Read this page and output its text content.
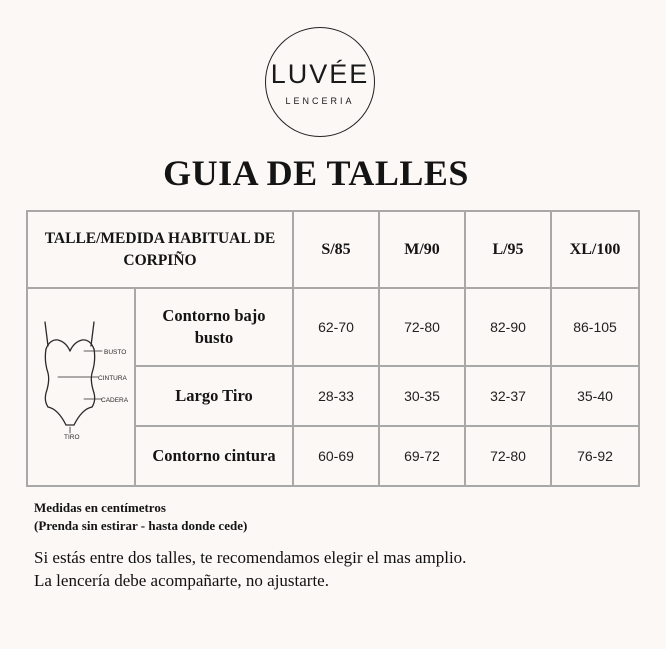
LUVÉE
LENCERIA
GUIA DE TALLES
TALLE/MEDIDA HABITUAL DE CORPIÑO		S/85	M/90	L/95	XL/100

BUSTO
CINTURA
CADERA
TIRO	Contorno bajo busto	62-70	72-80	82-90	86-105
	Largo Tiro	28-33	30-35	32-37	35-40
	Contorno cintura	60-69	69-72	72-80	76-92
Medidas en centímetros
(Prenda sin estirar - hasta donde cede)
Si estás entre dos talles, te recomendamos elegir el mas amplio.
La lencería debe acompañarte, no ajustarte.
